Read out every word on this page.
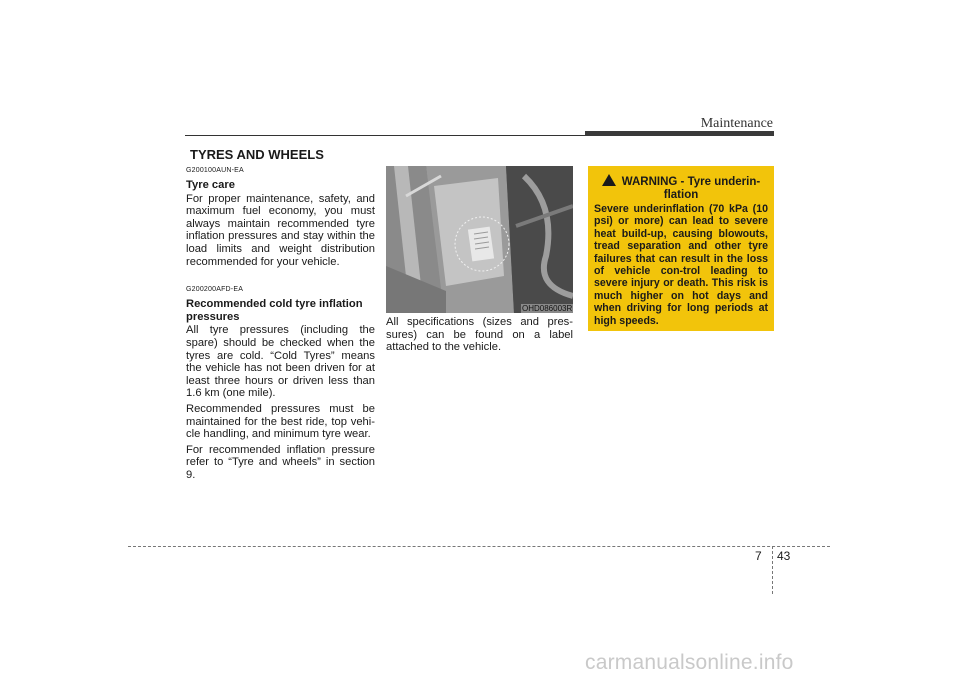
Maintenance
TYRES AND WHEELS
G200100AUN-EA
Tyre care
For proper maintenance, safety, and maximum fuel economy, you must always maintain recommended tyre inflation pressures and stay within the load limits and weight distribution recommended for your vehicle.
G200200AFD-EA
Recommended cold tyre inflation pressures
All tyre pressures (including the spare) should be checked when the tyres are cold. “Cold Tyres” means the vehicle has not been driven for at least three hours or driven less than 1.6 km (one mile).
Recommended pressures must be maintained for the best ride, top vehi-cle handling, and minimum tyre wear.
For recommended inflation pressure refer to “Tyre and wheels” in section 9.
OHD086003R
All specifications (sizes and pres-sures) can be found on a label attached to the vehicle.
WARNING - Tyre underin-flation
Severe underinflation (70 kPa (10 psi) or more) can lead to severe heat build-up, causing blowouts, tread separation and other tyre failures that can result in the loss of vehicle con-trol leading to severe injury or death. This risk is much higher on hot days and when driving for long periods at high speeds.
7 43
carmanualsonline.info
